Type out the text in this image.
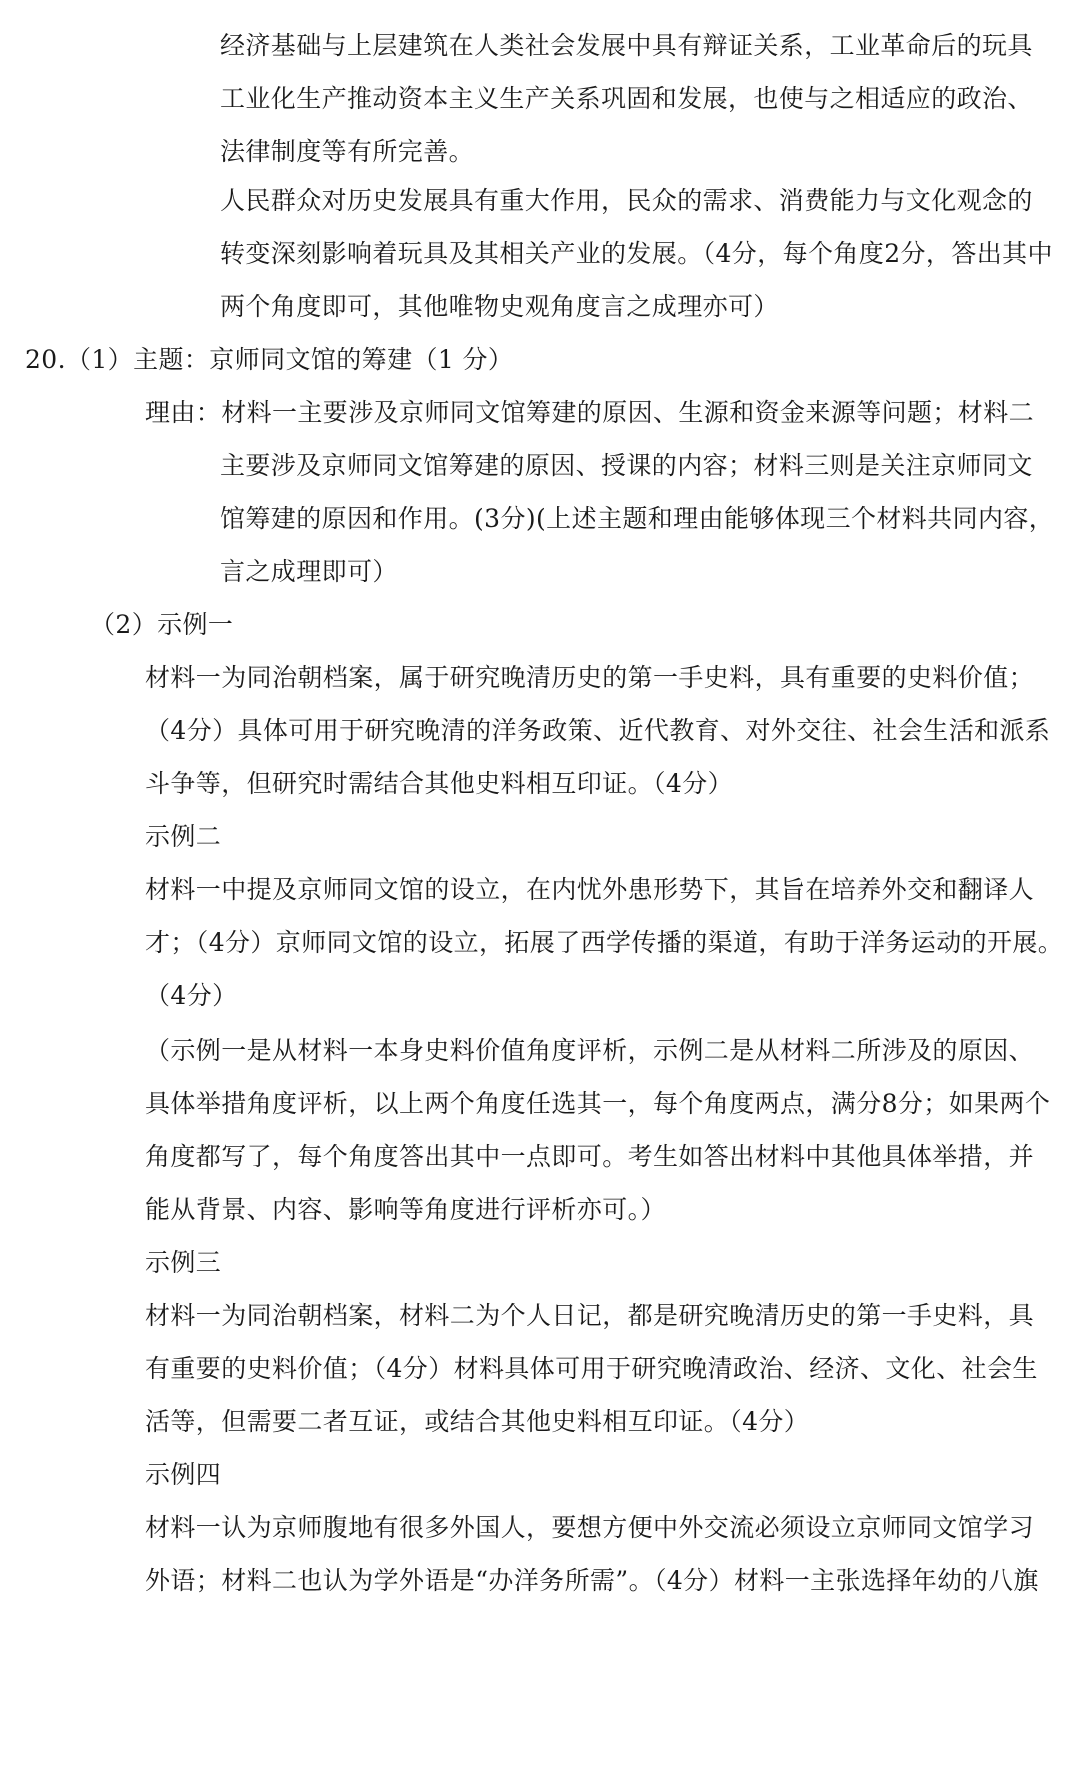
经济基础与上层建筑在人类社会发展中具有辩证关系，工业革命后的玩具
工业化生产推动资本主义生产关系巩固和发展，也使与之相适应的政治、
法律制度等有所完善。
人民群众对历史发展具有重大作用，民众的需求、消费能力与文化观念的
转变深刻影响着玩具及其相关产业的发展。（4分，每个角度2分，答出其中
两个角度即可，其他唯物史观角度言之成理亦可）
20.（1）主题：京师同文馆的筹建（1 分）
理由：材料一主要涉及京师同文馆筹建的原因、生源和资金来源等问题；材料二
主要涉及京师同文馆筹建的原因、授课的内容；材料三则是关注京师同文
馆筹建的原因和作用。(3分)(上述主题和理由能够体现三个材料共同内容，
言之成理即可）
（2）示例一
材料一为同治朝档案，属于研究晚清历史的第一手史料，具有重要的史料价值；
（4分）具体可用于研究晚清的洋务政策、近代教育、对外交往、社会生活和派系
斗争等，但研究时需结合其他史料相互印证。（4分）
示例二
材料一中提及京师同文馆的设立，在内忧外患形势下，其旨在培养外交和翻译人
才；（4分）京师同文馆的设立，拓展了西学传播的渠道，有助于洋务运动的开展。
（4分）
（示例一是从材料一本身史料价值角度评析，示例二是从材料二所涉及的原因、
具体举措角度评析，以上两个角度任选其一，每个角度两点，满分8分；如果两个
角度都写了，每个角度答出其中一点即可。考生如答出材料中其他具体举措，并
能从背景、内容、影响等角度进行评析亦可。）
示例三
材料一为同治朝档案，材料二为个人日记，都是研究晚清历史的第一手史料，具
有重要的史料价值；（4分）材料具体可用于研究晚清政治、经济、文化、社会生
活等，但需要二者互证，或结合其他史料相互印证。（4分）
示例四
材料一认为京师腹地有很多外国人，要想方便中外交流必须设立京师同文馆学习
外语；材料二也认为学外语是“办洋务所需”。（4分）材料一主张选择年幼的八旗
